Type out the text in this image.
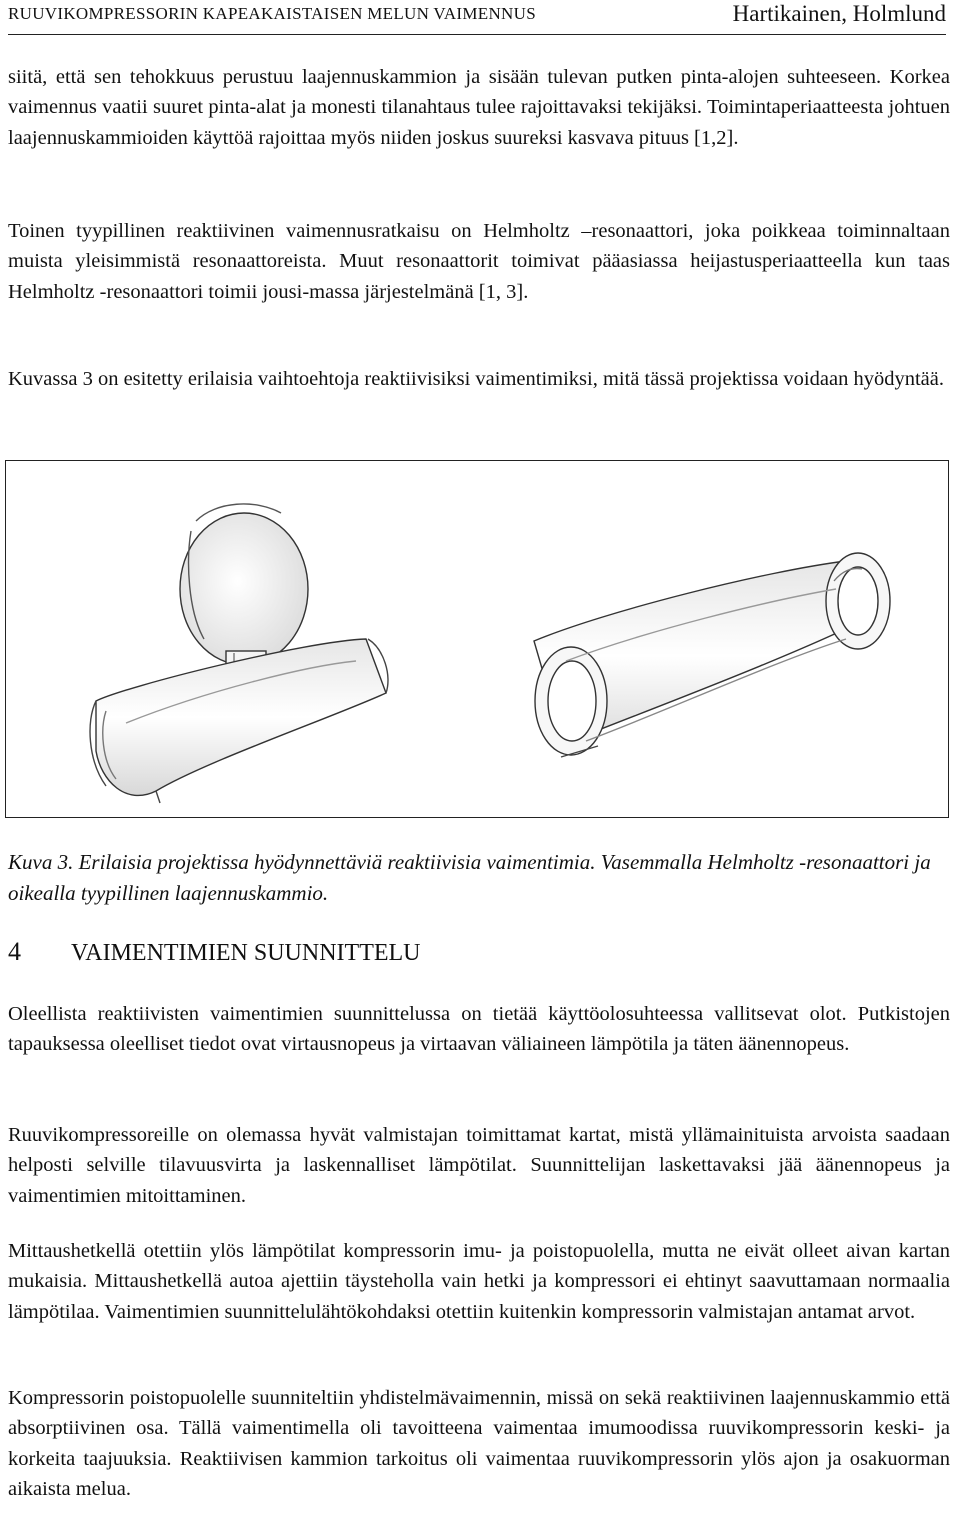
RUUVIKOMPRESSORIN KAPEAKAISTAISEN MELUN VAIMENNUS	Hartikainen, Holmlund

siitä, että sen tehokkuus perustuu laajennuskammion ja sisään tulevan putken pinta-alojen suhteeseen. Korkea vaimennus vaatii suuret pinta-alat ja monesti tilanahtaus tulee rajoittavaksi tekijäksi. Toimintaperiaatteesta johtuen laajennuskammioiden käyttöä rajoittaa myös niiden joskus suureksi kasvava pituus [1,2].

Toinen tyypillinen reaktiivinen vaimennusratkaisu on Helmholtz –resonaattori, joka poikkeaa toiminnaltaan muista yleisimmistä resonaattoreista. Muut resonaattorit toimivat pääasiassa heijastusperiaatteella kun taas Helmholtz -resonaattori toimii jousi-massa järjestelmänä [1, 3].

Kuvassa 3 on esitetty erilaisia vaihtoehtoja reaktiivisiksi vaimentimiksi, mitä tässä projektissa voidaan hyödyntää.

Kuva 3. Erilaisia projektissa hyödynnettäviä reaktiivisia vaimentimia. Vasemmalla Helmholtz -resonaattori ja oikealla tyypillinen laajennuskammio.

4 VAIMENTIMIEN SUUNNITTELU

Oleellista reaktiivisten vaimentimien suunnittelussa on tietää käyttöolosuhteessa vallitsevat olot. Putkistojen tapauksessa oleelliset tiedot ovat virtausnopeus ja virtaavan väliaineen lämpötila ja täten äänennopeus.

Ruuvikompressoreille on olemassa hyvät valmistajan toimittamat kartat, mistä yllämainituista arvoista saadaan helposti selville tilavuusvirta ja laskennalliset lämpötilat. Suunnittelijan laskettavaksi jää äänennopeus ja vaimentimien mitoittaminen.

Mittaushetkellä otettiin ylös lämpötilat kompressorin imu- ja poistopuolella, mutta ne eivät olleet aivan kartan mukaisia. Mittaushetkellä autoa ajettiin täysteholla vain hetki ja kompressori ei ehtinyt saavuttamaan normaalia lämpötilaa. Vaimentimien suunnittelulähtökohdaksi otettiin kuitenkin kompressorin valmistajan antamat arvot.

Kompressorin poistopuolelle suunniteltiin yhdistelmävaimennin, missä on sekä reaktiivinen laajennuskammio että absorptiivinen osa. Tällä vaimentimella oli tavoitteena vaimentaa imumoodissa ruuvikompressorin keski- ja korkeita taajuuksia. Reaktiivisen kammion tarkoitus oli vaimentaa ruuvikompressorin ylös ajon ja osakuorman aikaista melua.
